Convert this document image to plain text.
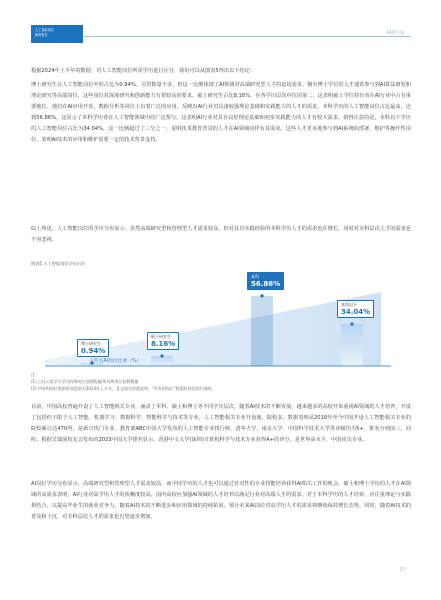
人工智能岗位
薪资报告	PART 02
根据2024年上半年的数据，对人工智能岗位所需学历进行区分，我们可以从图表5得出以下结论：
博士研究生在人工智能岗位中的占比为0.94%。尽管数量不多，但这一比例体现了AI领域对高端研究型人才的迫切需求。拥有博士学位的人才通常参与到AI算法研发和理论研究等高端岗位，这些岗位对深度研究和创新能力有着较高的要求。硕士研究生占比8.16%，在各学历层次中位居第二，这表明硕士学位持有者在AI行业中占有重要地位。他们在AI应用开发、数据分析等岗位上有着广泛的应用，反映出AI行业对具备较强理论基础和实践能力的人才的需求。本科学历的人工智能岗位占比最高，达到56.86%，这显示了本科学历者在人工智能领域中的广泛参与。这表明AI行业对具有良好理论基础和初步实践能力的人才有较大需求。值得注意的是，本科以下学历的人工智能岗位占比为34.04%，这一比例超过了三分之一，说明技术教育背景的人才在AI领域同样有其需求。这些人才更多地参与到AI系统的部署、维护等操作性岗位，表明AI技术的应用和维护需要一定的技术背景支持。
综上所述，人工智能岗位的学历分布显示，虽然高端研究型和管理型人才需求较高，但对具有实践经验的本科学历人才的需求也在增长，同时对专科层次人才的需求也不容忽视。
图表5 人工智能岗位学历占比
占所有AI岗位比重（%）
博士研究生
0.94%
硕士研究生
8.16%
本科
56.86%
本科以下
34.04%
注：
(1) 占比=某学历学历的AI岗位招聘数量/所有AI岗位招聘数量
(2) 所有AI岗位数据时间范围为2024年上半年，且文如实样都说明，"所有AI岗位"数据时间范围均通用。
目前，中国高校普遍开设了人工智能相关专业，涵盖了本科、硕士和博士等不同学历层次。随着AI技术的不断发展，越来越多的高校开始重视AI领域的人才培养，开设了包括但不限于人工智能、机器学习、数据科学、智能科学与技术等专业。人工智能相关专业开设後，院校多，数据表明从2018年至今中国开设人工智能相关专业的院校累计达470所，是新兴热门专业。教育部ABC中国大学发布的人工智能专业排行榜，清华大学、南京大学、中国科学技术大学等评级均为5+，排名分列前三。同时，根据艾瑞深校友会发布的2023中国大学排名显示，香港中文大学(深圳)计算机科学与技术专业获得A+的评分，是世界高水平、中国顶尖专业。
AI岗位学历分布显示，高端研究型和管理型人才需求较高，而中技学历的人才也可以通过针对性的专业技能培养获得AI相关工作的机会。硕士和博士学历的人才在AI领域的高需求表明，AI行业对高学历人才的依赖度较高。国内高校应加强AI领域的人才培养以满足行业对高端人才的需求。对于本科学历的人才培养，应注重理论与实践相结合，以提高毕业生的就业竞争力。随着AI技术的不断进步和应用领域的持续拓展，预计未来AI岗位对高学历人才的需求将继续保持增长态势。同时，随着AI技术的普及和下沉，对专科层次人才的需求也有望逐步增加。
17
